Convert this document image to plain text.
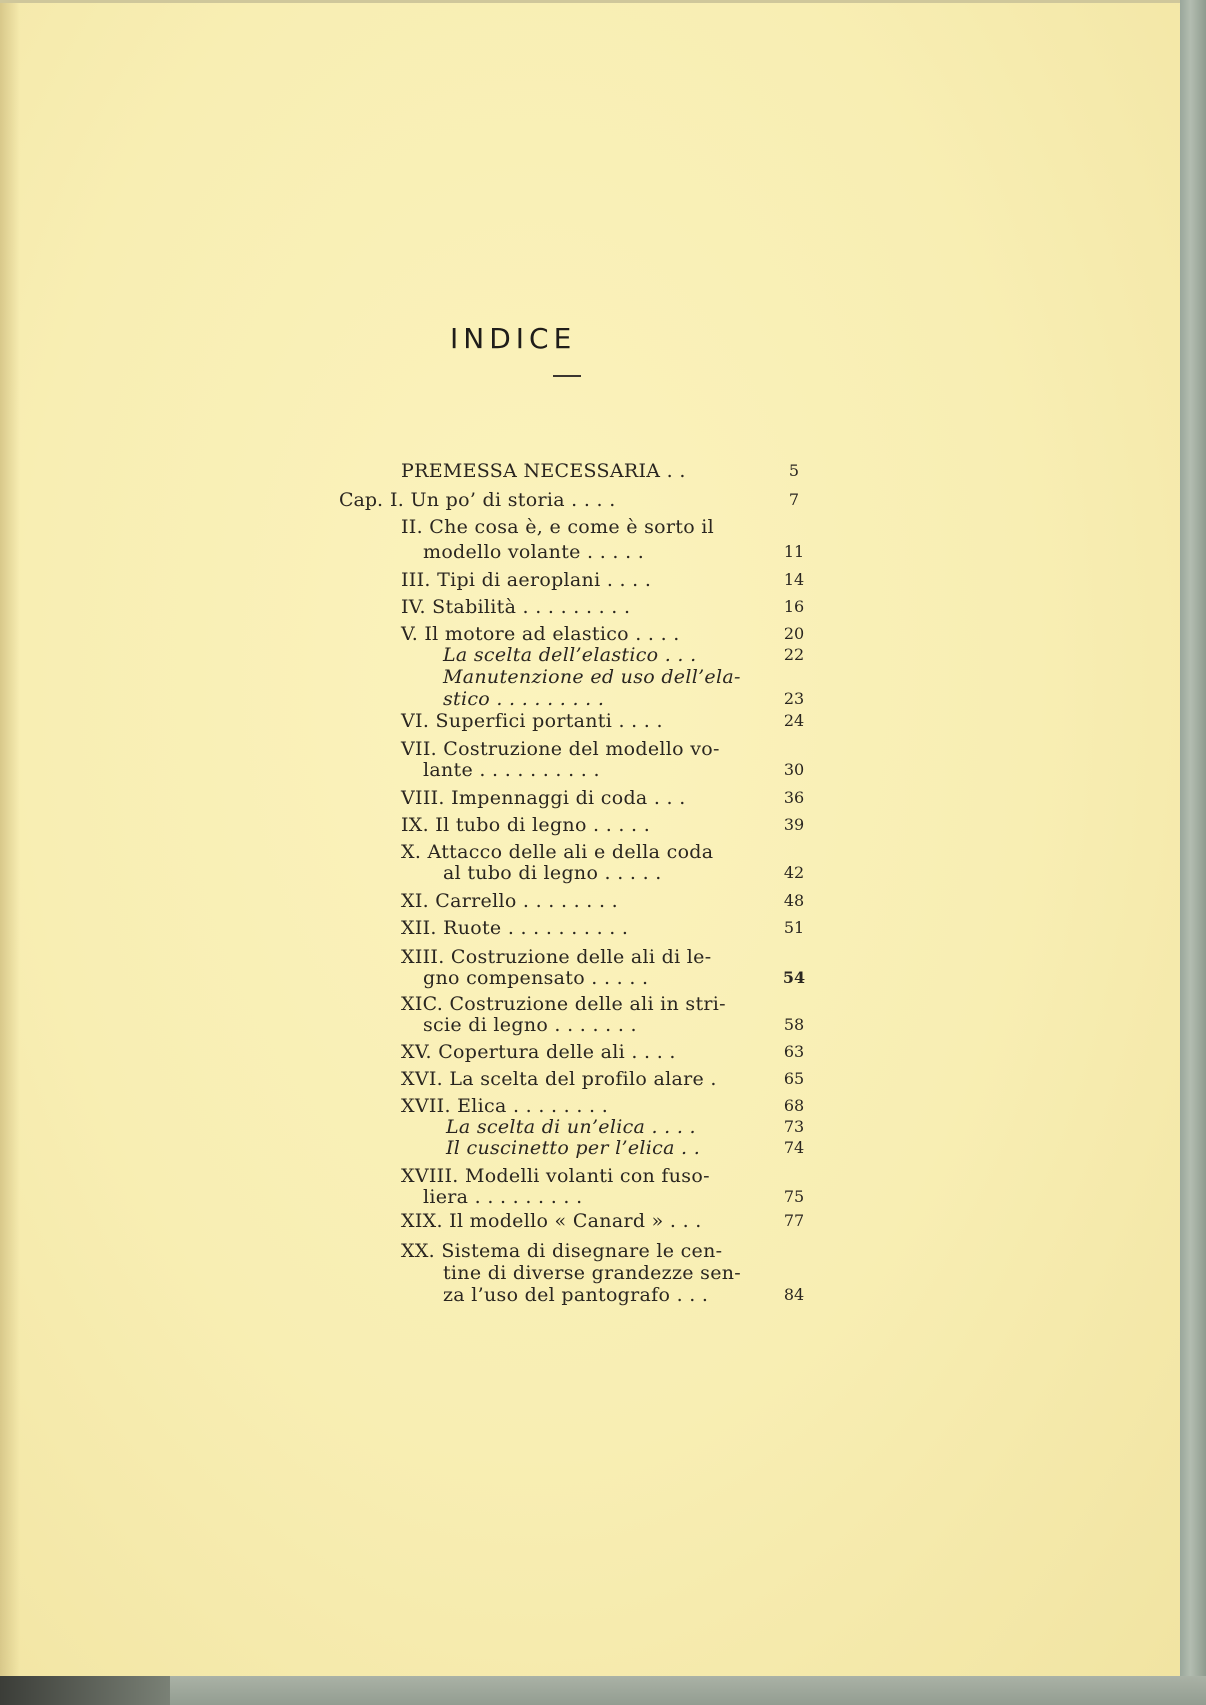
INDICE
PREMESSA NECESSARIA . .	5
Cap. I. Un po’ di storia . . . .	7
II. Che cosa è, e come è sorto il
modello volante . . . . .	11
III. Tipi di aeroplani . . . .	14
IV. Stabilità . . . . . . . . .	16
V. Il motore ad elastico . . . .	20
La scelta dell’elastico . . .	22
Manutenzione ed uso dell’ela-
stico . . . . . . . . .	23
VI. Superfici portanti . . . .	24
VII. Costruzione del modello vo-
lante . . . . . . . . . .	30
VIII. Impennaggi di coda . . .	36
IX. Il tubo di legno . . . . .	39
X. Attacco delle ali e della coda
al tubo di legno . . . . .	42
XI. Carrello . . . . . . . .	48
XII. Ruote . . . . . . . . . .	51
XIII. Costruzione delle ali di le-
gno compensato . . . . .	54
XIC. Costruzione delle ali in stri-
scie di legno . . . . . . .	58
XV. Copertura delle ali . . . .	63
XVI. La scelta del profilo alare .	65
XVII. Elica . . . . . . . .	68
La scelta di un’elica . . . .	73
Il cuscinetto per l’elica . .	74
XVIII. Modelli volanti con fuso-
liera . . . . . . . . .	75
XIX. Il modello « Canard » . . .	77
XX. Sistema di disegnare le cen-
tine di diverse grandezze sen-
za l’uso del pantografo . . .	84
